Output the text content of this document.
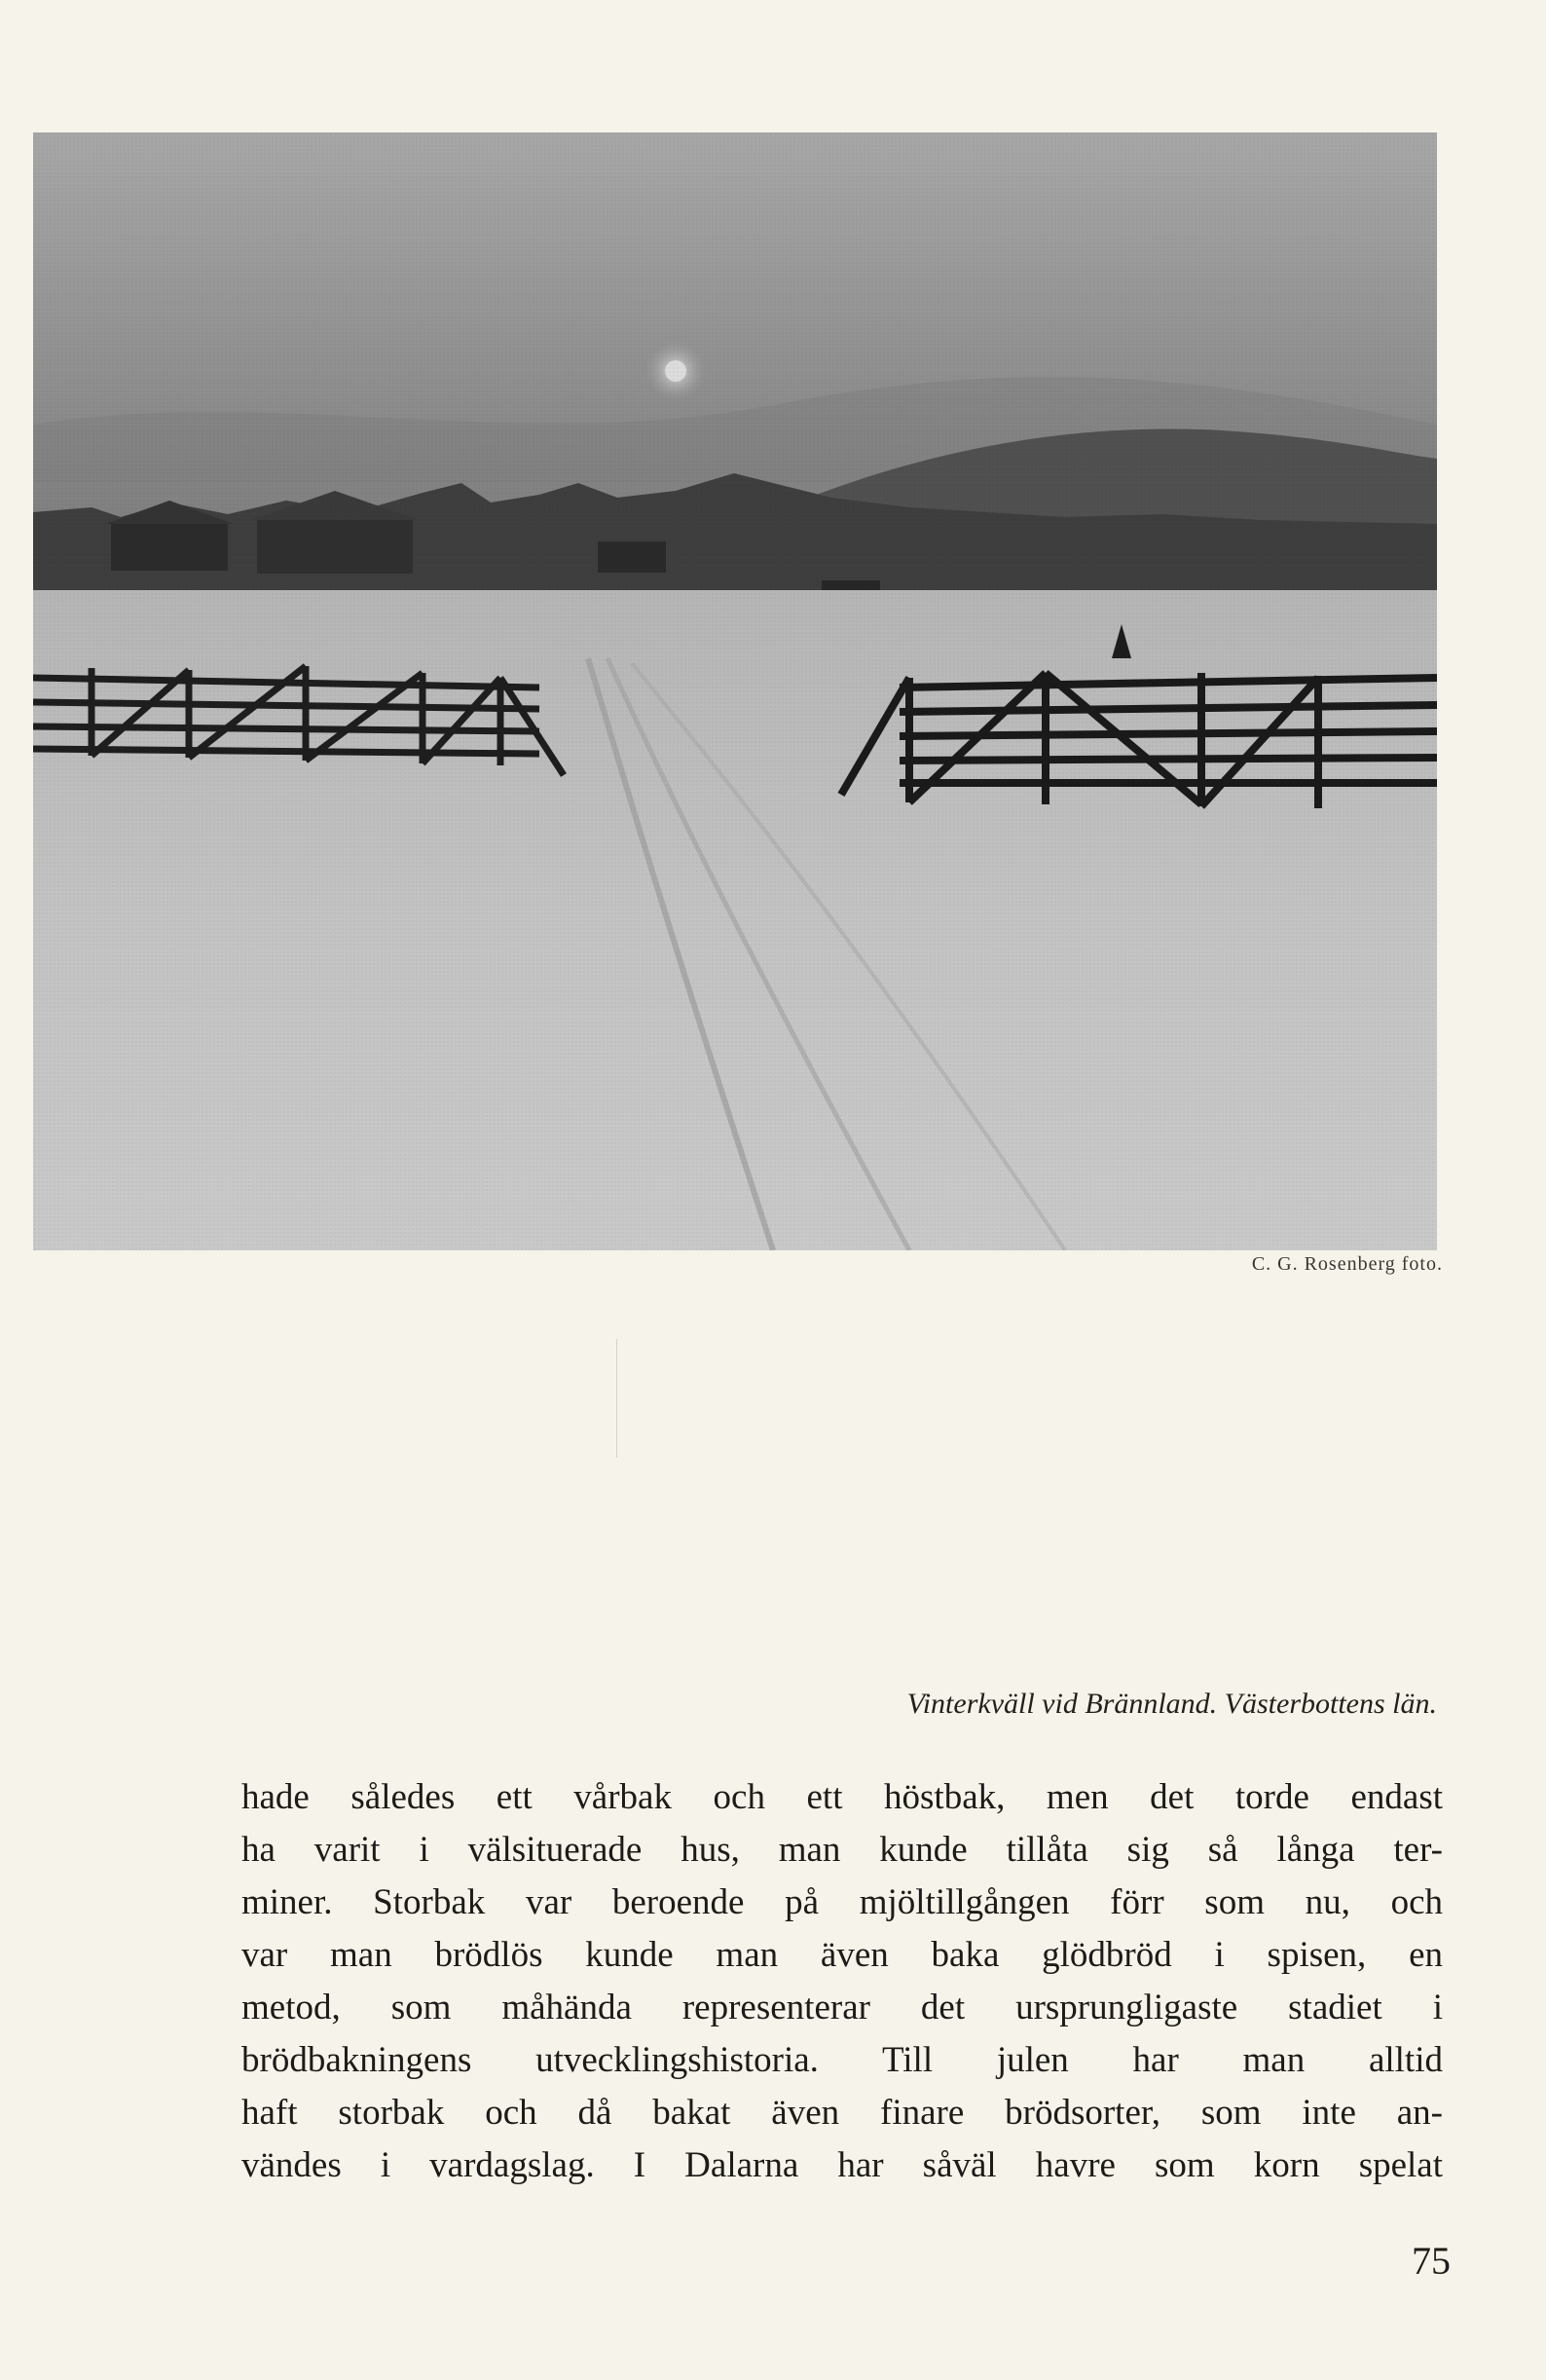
C. G. Rosenberg foto.
Vinterkväll vid Brännland. Västerbottens län.
hade således ett vårbak och ett höstbak, men det torde endast
ha varit i välsituerade hus, man kunde tillåta sig så långa ter-
miner. Storbak var beroende på mjöltillgången förr som nu, och
var man brödlös kunde man även baka glödbröd i spisen, en
metod, som måhända representerar det ursprungligaste stadiet i
brödbakningens utvecklingshistoria. Till julen har man alltid
haft storbak och då bakat även finare brödsorter, som inte an-
vändes i vardagslag. I Dalarna har såväl havre som korn spelat
75
